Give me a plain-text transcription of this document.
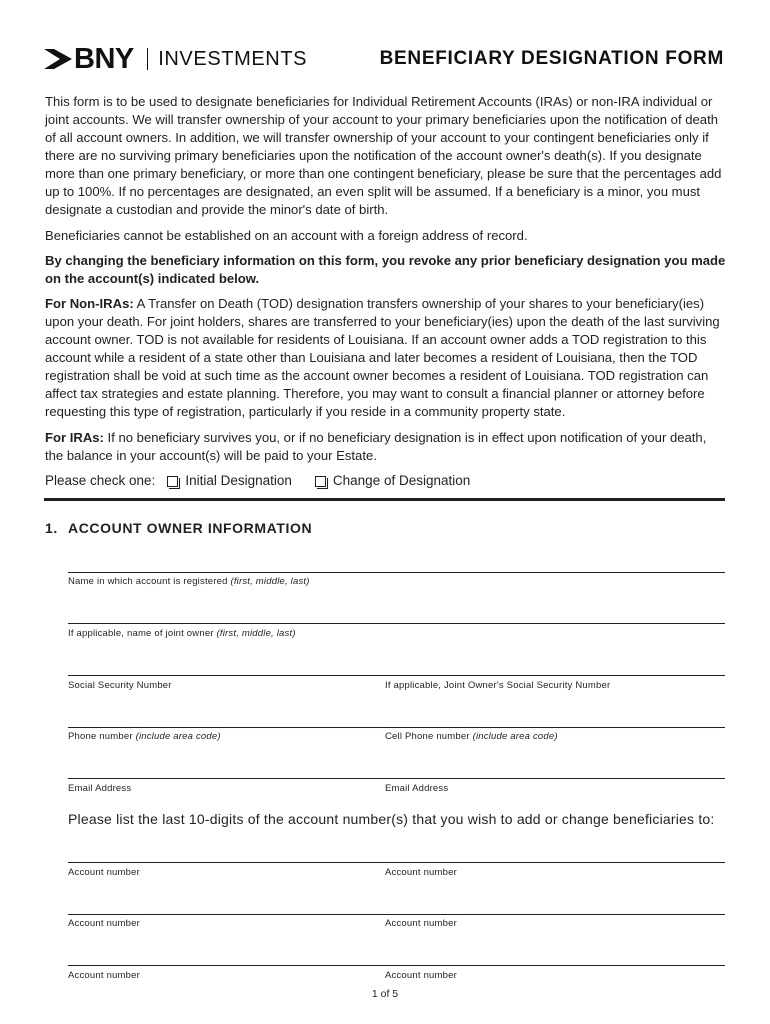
BNY INVESTMENTS	BENEFICIARY DESIGNATION FORM
This form is to be used to designate beneficiaries for Individual Retirement Accounts (IRAs) or non-IRA individual or joint accounts. We will transfer ownership of your account to your primary beneficiaries upon the notification of death of all account owners. In addition, we will transfer ownership of your account to your contingent beneficiaries only if there are no surviving primary beneficiaries upon the notification of the account owner's death(s). If you designate more than one primary beneficiary, or more than one contingent beneficiary, please be sure that the percentages add up to 100%. If no percentages are designated, an even split will be assumed. If a beneficiary is a minor, you must designate a custodian and provide the minor's date of birth.
Beneficiaries cannot be established on an account with a foreign address of record.
By changing the beneficiary information on this form, you revoke any prior beneficiary designation you made on the account(s) indicated below.
For Non-IRAs: A Transfer on Death (TOD) designation transfers ownership of your shares to your beneficiary(ies) upon your death. For joint holders, shares are transferred to your beneficiary(ies) upon the death of the last surviving account owner. TOD is not available for residents of Louisiana. If an account owner adds a TOD registration to this account while a resident of a state other than Louisiana and later becomes a resident of Louisiana, then the TOD registration shall be void at such time as the account owner becomes a resident of Louisiana. TOD registration can affect tax strategies and estate planning. Therefore, you may want to consult a financial planner or attorney before requesting this type of registration, particularly if you reside in a community property state.
For IRAs: If no beneficiary survives you, or if no beneficiary designation is in effect upon notification of your death, the balance in your account(s) will be paid to your Estate.
Please check one: Initial Designation	Change of Designation
1. ACCOUNT OWNER INFORMATION
Name in which account is registered (first, middle, last)
If applicable, name of joint owner (first, middle, last)
Social Security Number	If applicable, Joint Owner's Social Security Number
Phone number (include area code)	Cell Phone number (include area code)
Email Address	Email Address
Please list the last 10-digits of the account number(s) that you wish to add or change beneficiaries to:
Account number	Account number
Account number	Account number
Account number	Account number
1 of 5
